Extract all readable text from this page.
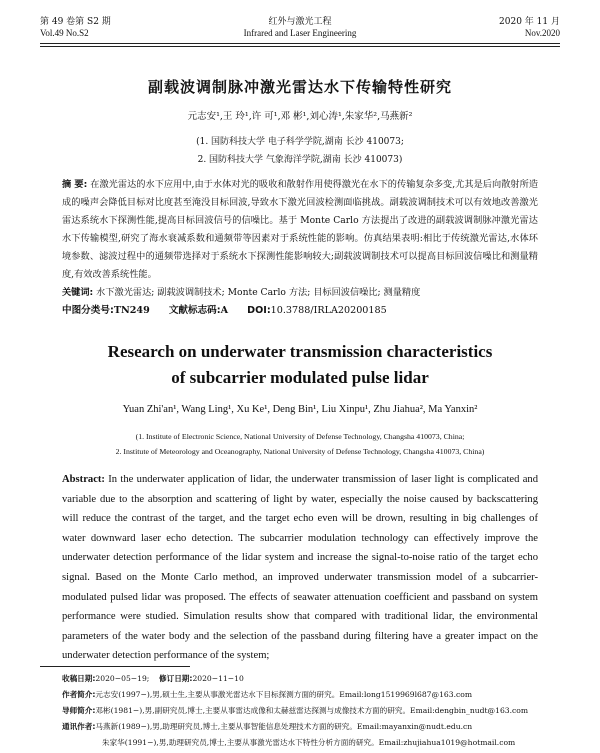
第 49 卷第 S2 期	红外与激光工程	2020 年 11 月
Vol.49 No.S2	Infrared and Laser Engineering	Nov.2020
副载波调制脉冲激光雷达水下传输特性研究
元志安¹,王 玲¹,许 可¹,邓 彬¹,刘心涛¹,朱家华²,马燕新²
(1. 国防科技大学 电子科学学院,湖南 长沙 410073;
2. 国防科技大学 气象海洋学院,湖南 长沙 410073)
摘 要: 在激光雷达的水下应用中,由于水体对光的吸收和散射作用使得激光在水下的传输复杂多变,尤其是后向散射所造成的噪声会降低目标对比度甚至淹没目标回波,导致水下激光回波检测面临挑战。副载波调制技术可以有效地改善激光雷达系统水下探测性能,提高目标回波信号的信噪比。基于 Monte Carlo 方法提出了改进的副载波调制脉冲激光雷达水下传输模型,研究了海水衰减系数和通频带等因素对于系统性能的影响。仿真结果表明:相比于传统激光雷达,水体环境参数、滤波过程中的通频带选择对于系统水下探测性能影响较大;副载波调制技术可以提高目标回波信噪比和测量精度,有效改善系统性能。
关键词: 水下激光雷达; 副载波调制技术; Monte Carlo 方法; 目标回波信噪比; 测量精度
中图分类号:TN249 文献标志码:A DOI:10.3788/IRLA20200185
Research on underwater transmission characteristics
of subcarrier modulated pulse lidar
Yuan Zhi'an¹, Wang Ling¹, Xu Ke¹, Deng Bin¹, Liu Xinpu¹, Zhu Jiahua², Ma Yanxin²
(1. Institute of Electronic Science, National University of Defense Technology, Changsha 410073, China;
2. Institute of Meteorology and Oceanography, National University of Defense Technology, Changsha 410073, China)
Abstract: In the underwater application of lidar, the underwater transmission of laser light is complicated and variable due to the absorption and scattering of light by water, especially the noise caused by backscattering will reduce the contrast of the target, and the target echo even will be drown, resulting in big challenges of water downward laser echo detection. The subcarrier modulation technology can effectively improve the underwater detection performance of the lidar system and increase the signal-to-noise ratio of the target echo signal. Based on the Monte Carlo method, an improved underwater transmission model of a subcarrier-modulated pulsed lidar was proposed. The effects of seawater attenuation coefficient and passband on system performance were studied. Simulation results show that compared with traditional lidar, the environmental parameters of the water body and the selection of the passband during filtering have a greater impact on the underwater detection performance of the system;
收稿日期:2020−05−19; 修订日期:2020−11−10
作者简介:元志安(1997−),男,硕士生,主要从事激光雷达水下目标探测方面的研究。Email:long1519969l687@163.com
导师简介:邓彬(1981−),男,副研究员,博士,主要从事雷达成像和太赫兹雷达探测与成像技术方面的研究。Email:dengbin_nudt@163.com
通讯作者:马燕新(1989−),男,助理研究员,博士,主要从事智能信息处理技术方面的研究。Email:mayanxin@nudt.edu.cn
朱家华(1991−),男,助理研究员,博士,主要从事激光雷达水下特性分析方面的研究。Email:zhujiahua1019@hotmail.com
